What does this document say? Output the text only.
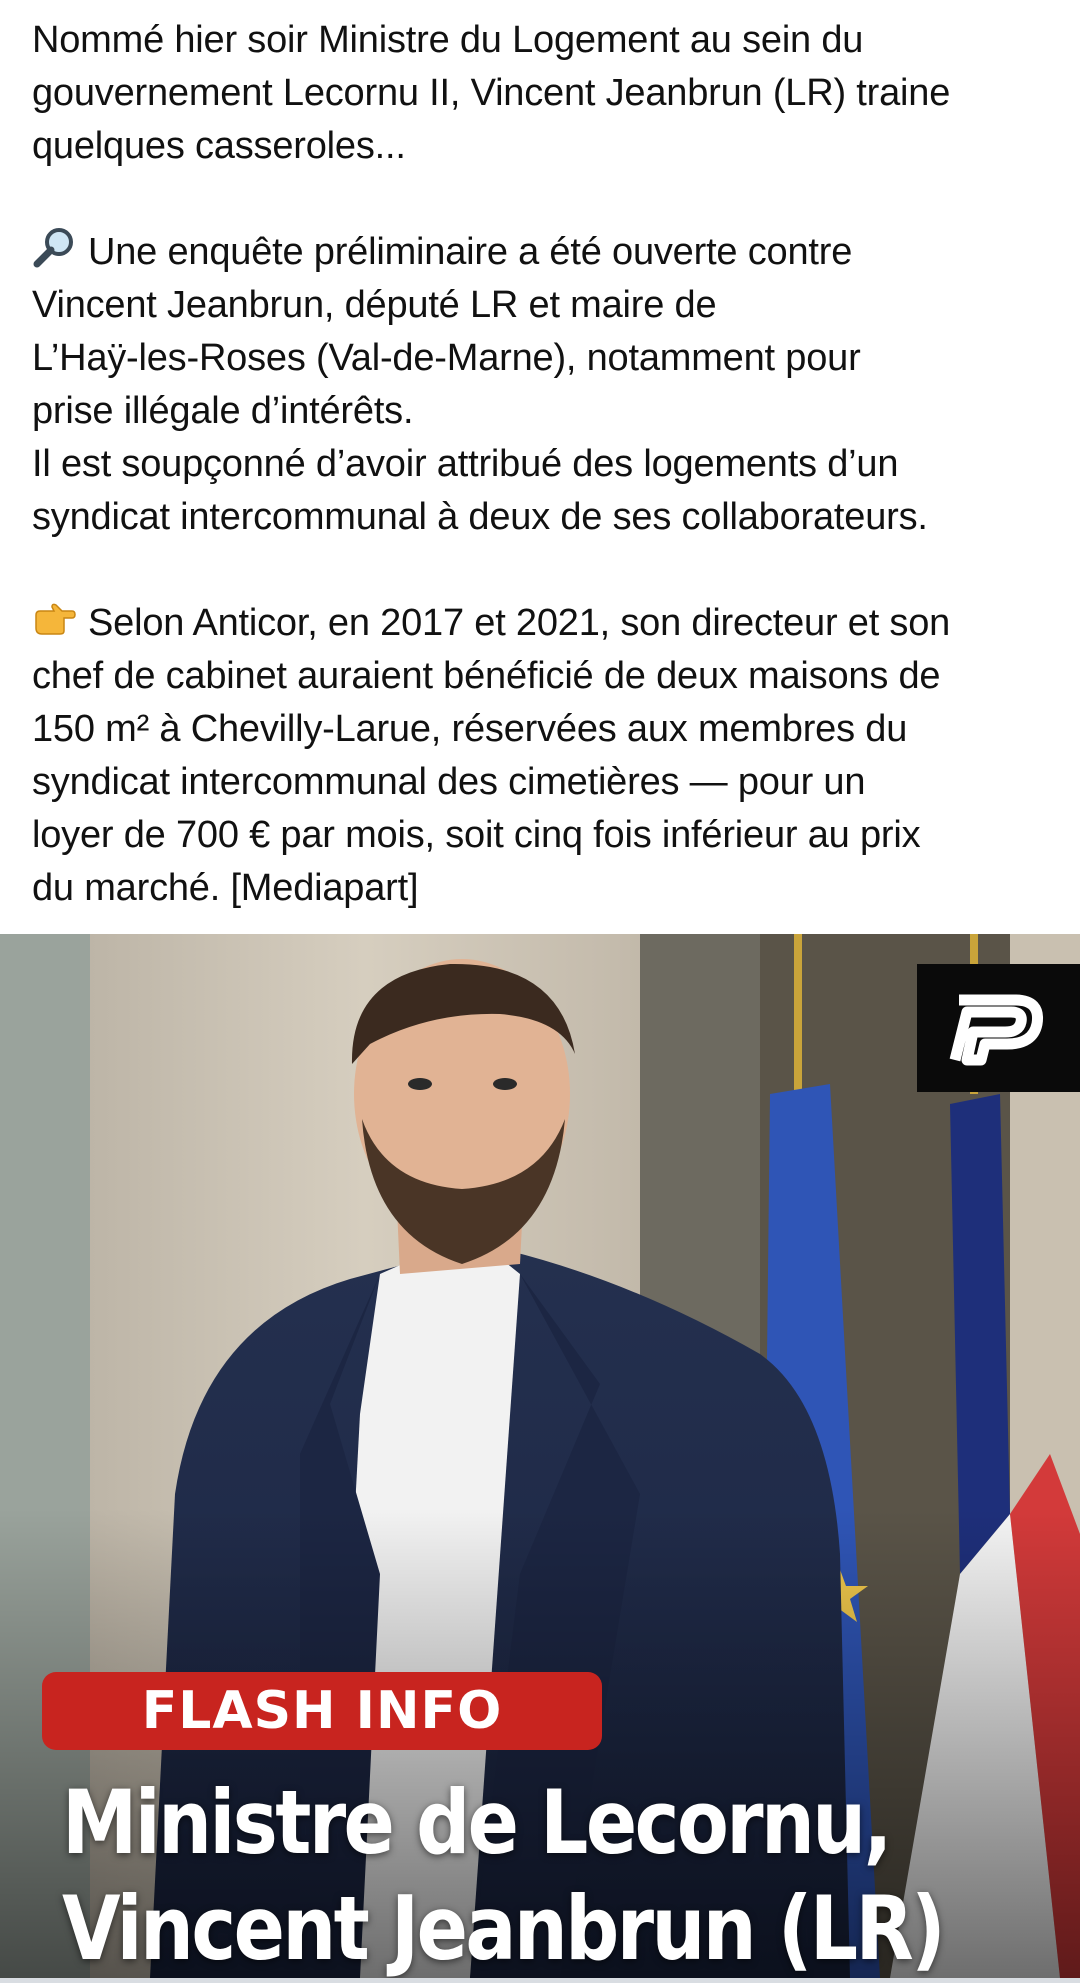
Nommé hier soir Ministre du Logement au sein du
gouvernement Lecornu II, Vincent Jeanbrun (LR) traine
quelques casseroles...

Une enquête préliminaire a été ouverte contre
Vincent Jeanbrun, député LR et maire de
L’Haÿ-les-Roses (Val-de-Marne), notamment pour
prise illégale d’intérêts.
Il est soupçonné d’avoir attribué des logements d’un
syndicat intercommunal à deux de ses collaborateurs.

Selon Anticor, en 2017 et 2021, son directeur et son
chef de cabinet auraient bénéficié de deux maisons de
150 m² à Chevilly-Larue, réservées aux membres du
syndicat intercommunal des cimetières — pour un
loyer de 700 € par mois, soit cinq fois inférieur au prix
du marché. [Mediapart]

FLASH INFO
Ministre de Lecornu,
Vincent Jeanbrun (LR)
